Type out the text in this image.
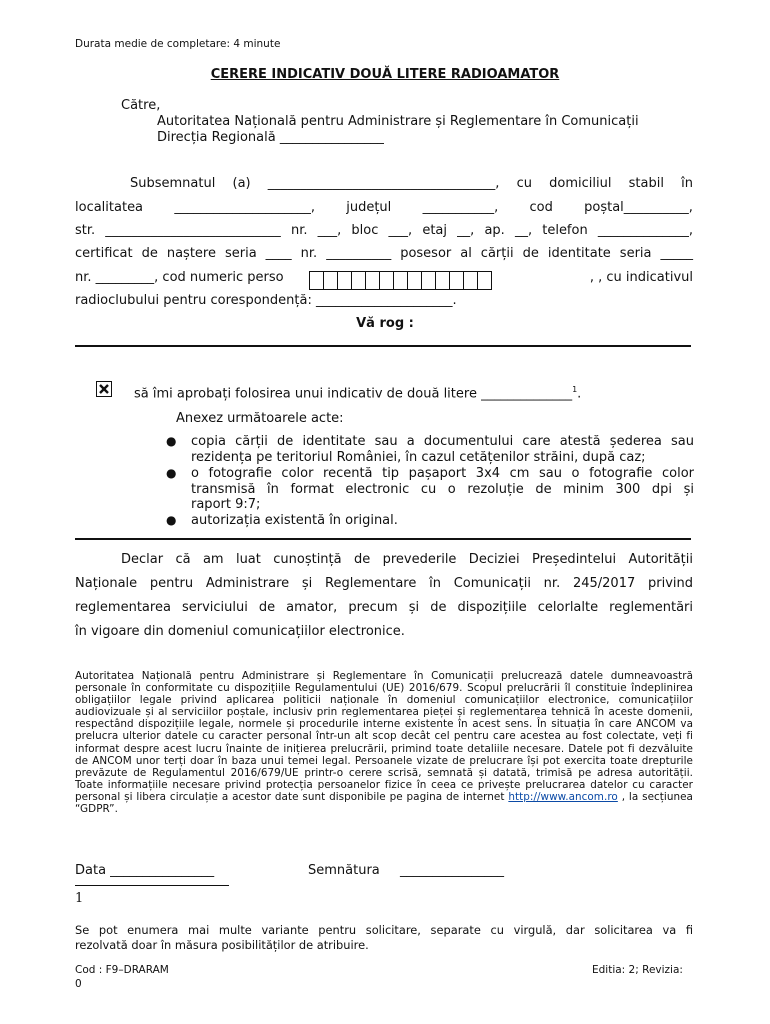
Durata medie de completare: 4 minute
CERERE INDICATIV DOUĂ LITERE RADIOAMATOR
Către,
Autoritatea Națională pentru Administrare și Reglementare în Comunicații
Direcția Regională ________________
Subsemnatul (a) ___________________________________, cu domiciliul stabil în
localitatea _____________________, județul ___________, cod poștal__________,
str. ___________________________ nr. ___, bloc ___, etaj __, ap. __, telefon ______________,
certificat de naștere seria ____ nr. __________ posesor al cărții de identitate seria _____
nr. _________, cod numeric perso	, , cu indicativul
radioclubului pentru corespondență: _____________________.
Vă rog :
să îmi aprobați folosirea unui indicativ de două litere ______________$^1$.
Anexez următoarele acte:
● copia cărții de identitate sau a documentului care atestă șederea sau
rezidența pe teritoriul României, în cazul cetățenilor străini, după caz;
● o fotografie color recentă tip pașaport 3x4 cm sau o fotografie color
transmisă în format electronic cu o rezoluție de minim 300 dpi și
raport 9:7;
● autorizația existentă în original.
Declar că am luat cunoștință de prevederile Deciziei Președintelui Autorității
Naționale pentru Administrare și Reglementare în Comunicații nr. 245/2017 privind
reglementarea serviciului de amator, precum și de dispozițiile celorlalte reglementări
în vigoare din domeniul comunicațiilor electronice.
Autoritatea Națională pentru Administrare și Reglementare în Comunicații prelucrează datele dumneavoastră personale în conformitate cu dispozițiile Regulamentului (UE) 2016/679. Scopul prelucrării îl constituie îndeplinirea obligațiilor legale privind aplicarea politicii naționale în domeniul comunicațiilor electronice, comunicațiilor audiovizuale și al serviciilor poștale, inclusiv prin reglementarea pieței și reglementarea tehnică în aceste domenii, respectând dispozițiile legale, normele și procedurile interne existente în acest sens. În situația în care ANCOM va prelucra ulterior datele cu caracter personal într-un alt scop decât cel pentru care acestea au fost colectate, veți fi informat despre acest lucru înainte de inițierea prelucrării, primind toate detaliile necesare. Datele pot fi dezvăluite de ANCOM unor terți doar în baza unui temei legal. Persoanele vizate de prelucrare își pot exercita toate drepturile prevăzute de Regulamentul 2016/679/UE printr-o cerere scrisă, semnată și datată, trimisă pe adresa autorității. Toate informațiile necesare privind protecția persoanelor fizice în ceea ce privește prelucrarea datelor cu caracter personal și libera circulație a acestor date sunt disponibile pe pagina de internet http://www.ancom.ro , la secțiunea “GDPR”.
Data ________________	Semnătura ________________
1
Se pot enumera mai multe variante pentru solicitare, separate cu virgulă, dar solicitarea va fi
rezolvată doar în măsura posibilităților de atribuire.
Cod : F9–DRARAM
0
Editia: 2; Revizia:
